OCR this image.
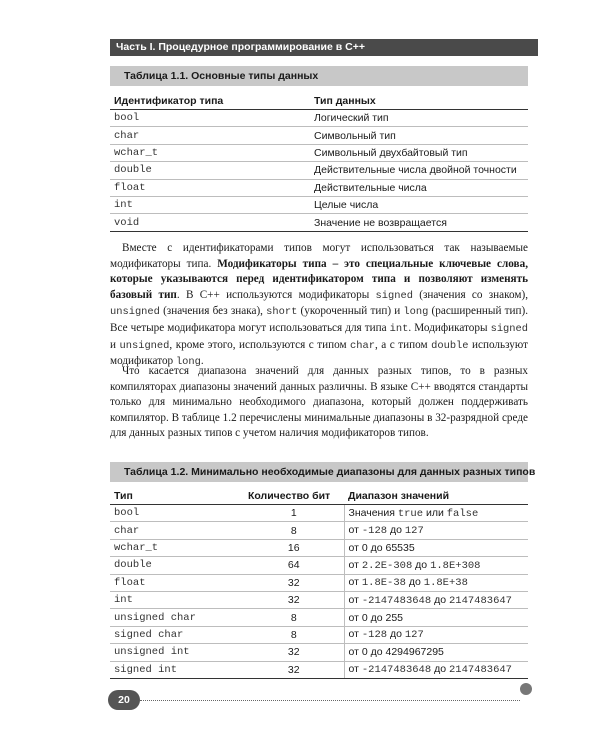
Часть I. Процедурное программирование в C++
Таблица 1.1. Основные типы данных
Идентификатор типа	Тип данных
bool	Логический тип
char	Символьный тип
wchar_t	Символьный двухбайтовый тип
double	Действительные числа двойной точности
float	Действительные числа
int	Целые числа
void	Значение не возвращается

Вместе с идентификаторами типов могут использоваться так называемые модификаторы типа. Модификаторы типа – это специальные ключевые слова, которые указываются перед идентификатором типа и позволяют изменять базовый тип. В C++ используются модификаторы signed (значения со знаком), unsigned (значения без знака), short (укороченный тип) и long (расширенный тип). Все четыре модификатора могут использоваться для типа int. Модификаторы signed и unsigned, кроме этого, используются с типом char, а с типом double используют модификатор long.

Что касается диапазона значений для данных разных типов, то в разных компиляторах диапазоны значений данных различны. В языке C++ вводятся стандарты только для минимально необходимого диапазона, который должен поддерживать компилятор. В таблице 1.2 перечислены минимальные диапазоны в 32-разрядной среде для данных разных типов с учетом наличия модификаторов типов.

Таблица 1.2. Минимально необходимые диапазоны для данных разных типов
Тип	Количество бит	Диапазон значений
bool	1	Значения true или false
char	8	от -128 до 127
wchar_t	16	от 0 до 65535
double	64	от 2.2E-308 до 1.8E+308
float	32	от 1.8E-38 до 1.8E+38
int	32	от -2147483648 до 2147483647
unsigned char	8	от 0 до 255
signed char	8	от -128 до 127
unsigned int	32	от 0 до 4294967295
signed int	32	от -2147483648 до 2147483647
20
